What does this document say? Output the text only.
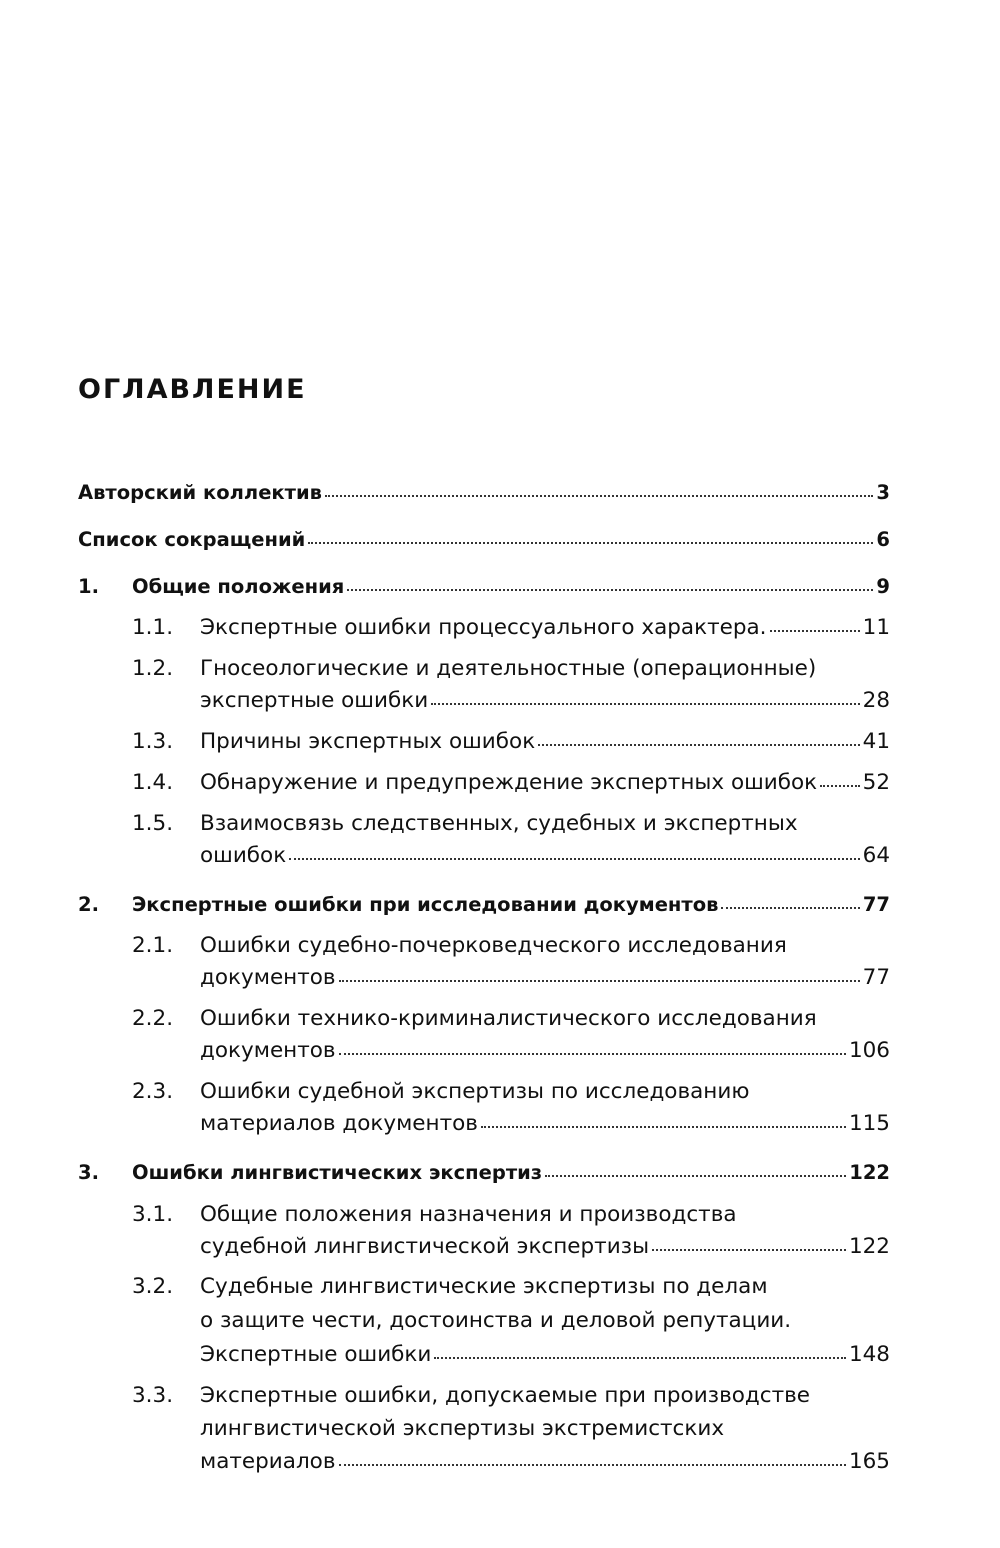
ОГЛАВЛЕНИЕ
Авторский коллектив	3
Список сокращений	6
1. Общие положения	9
1.1. Экспертные ошибки процессуального характера.	11
1.2. Гносеологические и деятельностные (операционные)
экспертные ошибки	28
1.3. Причины экспертных ошибок	41
1.4. Обнаружение и предупреждение экспертных ошибок 52
1.5. Взаимосвязь следственных, судебных и экспертных
ошибок	64
2. Экспертные ошибки при исследовании документов	77
2.1. Ошибки судебно-почерковедческого исследования
документов	77
2.2. Ошибки технико-криминалистического исследования
документов	106
2.3. Ошибки судебной экспертизы по исследованию
материалов документов	115
3. Ошибки лингвистических экспертиз	122
3.1. Общие положения назначения и производства
судебной лингвистической экспертизы	122
3.2. Судебные лингвистические экспертизы по делам
о защите чести, достоинства и деловой репутации.
Экспертные ошибки	148
3.3. Экспертные ошибки, допускаемые при производстве
лингвистической экспертизы экстремистских
материалов	165
